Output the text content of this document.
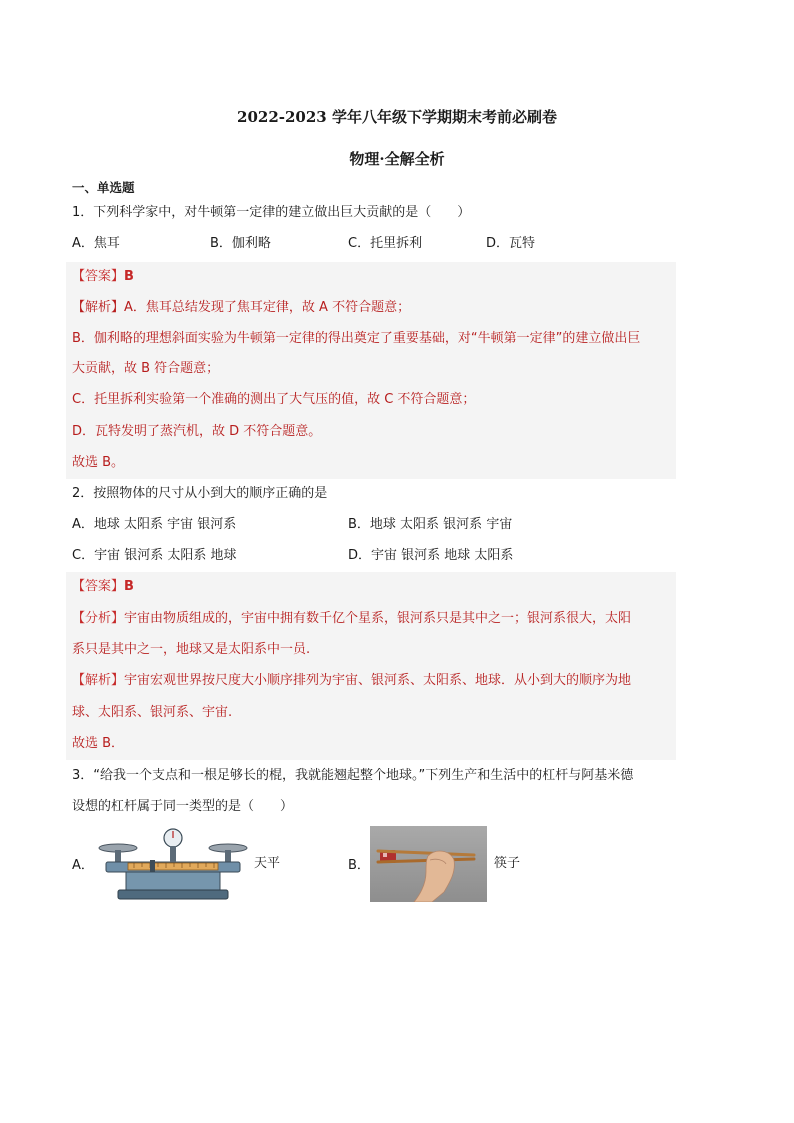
2022-2023 学年八年级下学期期末考前必刷卷
物理·全解全析
一、单选题
1．下列科学家中，对牛顿第一定律的建立做出巨大贡献的是（　　）
A．焦耳	B．伽利略	C．托里拆利	D．瓦特
【答案】B
【解析】A．焦耳总结发现了焦耳定律，故 A 不符合题意；
B．伽利略的理想斜面实验为牛顿第一定律的得出奠定了重要基础，对“牛顿第一定律”的建立做出巨
大贡献，故 B 符合题意；
C．托里拆利实验第一个准确的测出了大气压的值，故 C 不符合题意；
D．瓦特发明了蒸汽机，故 D 不符合题意。
故选 B。
2．按照物体的尺寸从小到大的顺序正确的是
A．地球 太阳系 宇宙 银河系	B．地球 太阳系 银河系 宇宙
C．宇宙 银河系 太阳系 地球	D．宇宙 银河系 地球 太阳系
【答案】B
【分析】宇宙由物质组成的，宇宙中拥有数千亿个星系，银河系只是其中之一；银河系很大，太阳
系只是其中之一，地球又是太阳系中一员.
【解析】宇宙宏观世界按尺度大小顺序排列为宇宙、银河系、太阳系、地球．从小到大的顺序为地
球、太阳系、银河系、宇宙.
故选 B．
3．“给我一个支点和一根足够长的棍，我就能翘起整个地球。”下列生产和生活中的杠杆与阿基米德
设想的杠杆属于同一类型的是（　　）
A．	天平	B．	筷子
